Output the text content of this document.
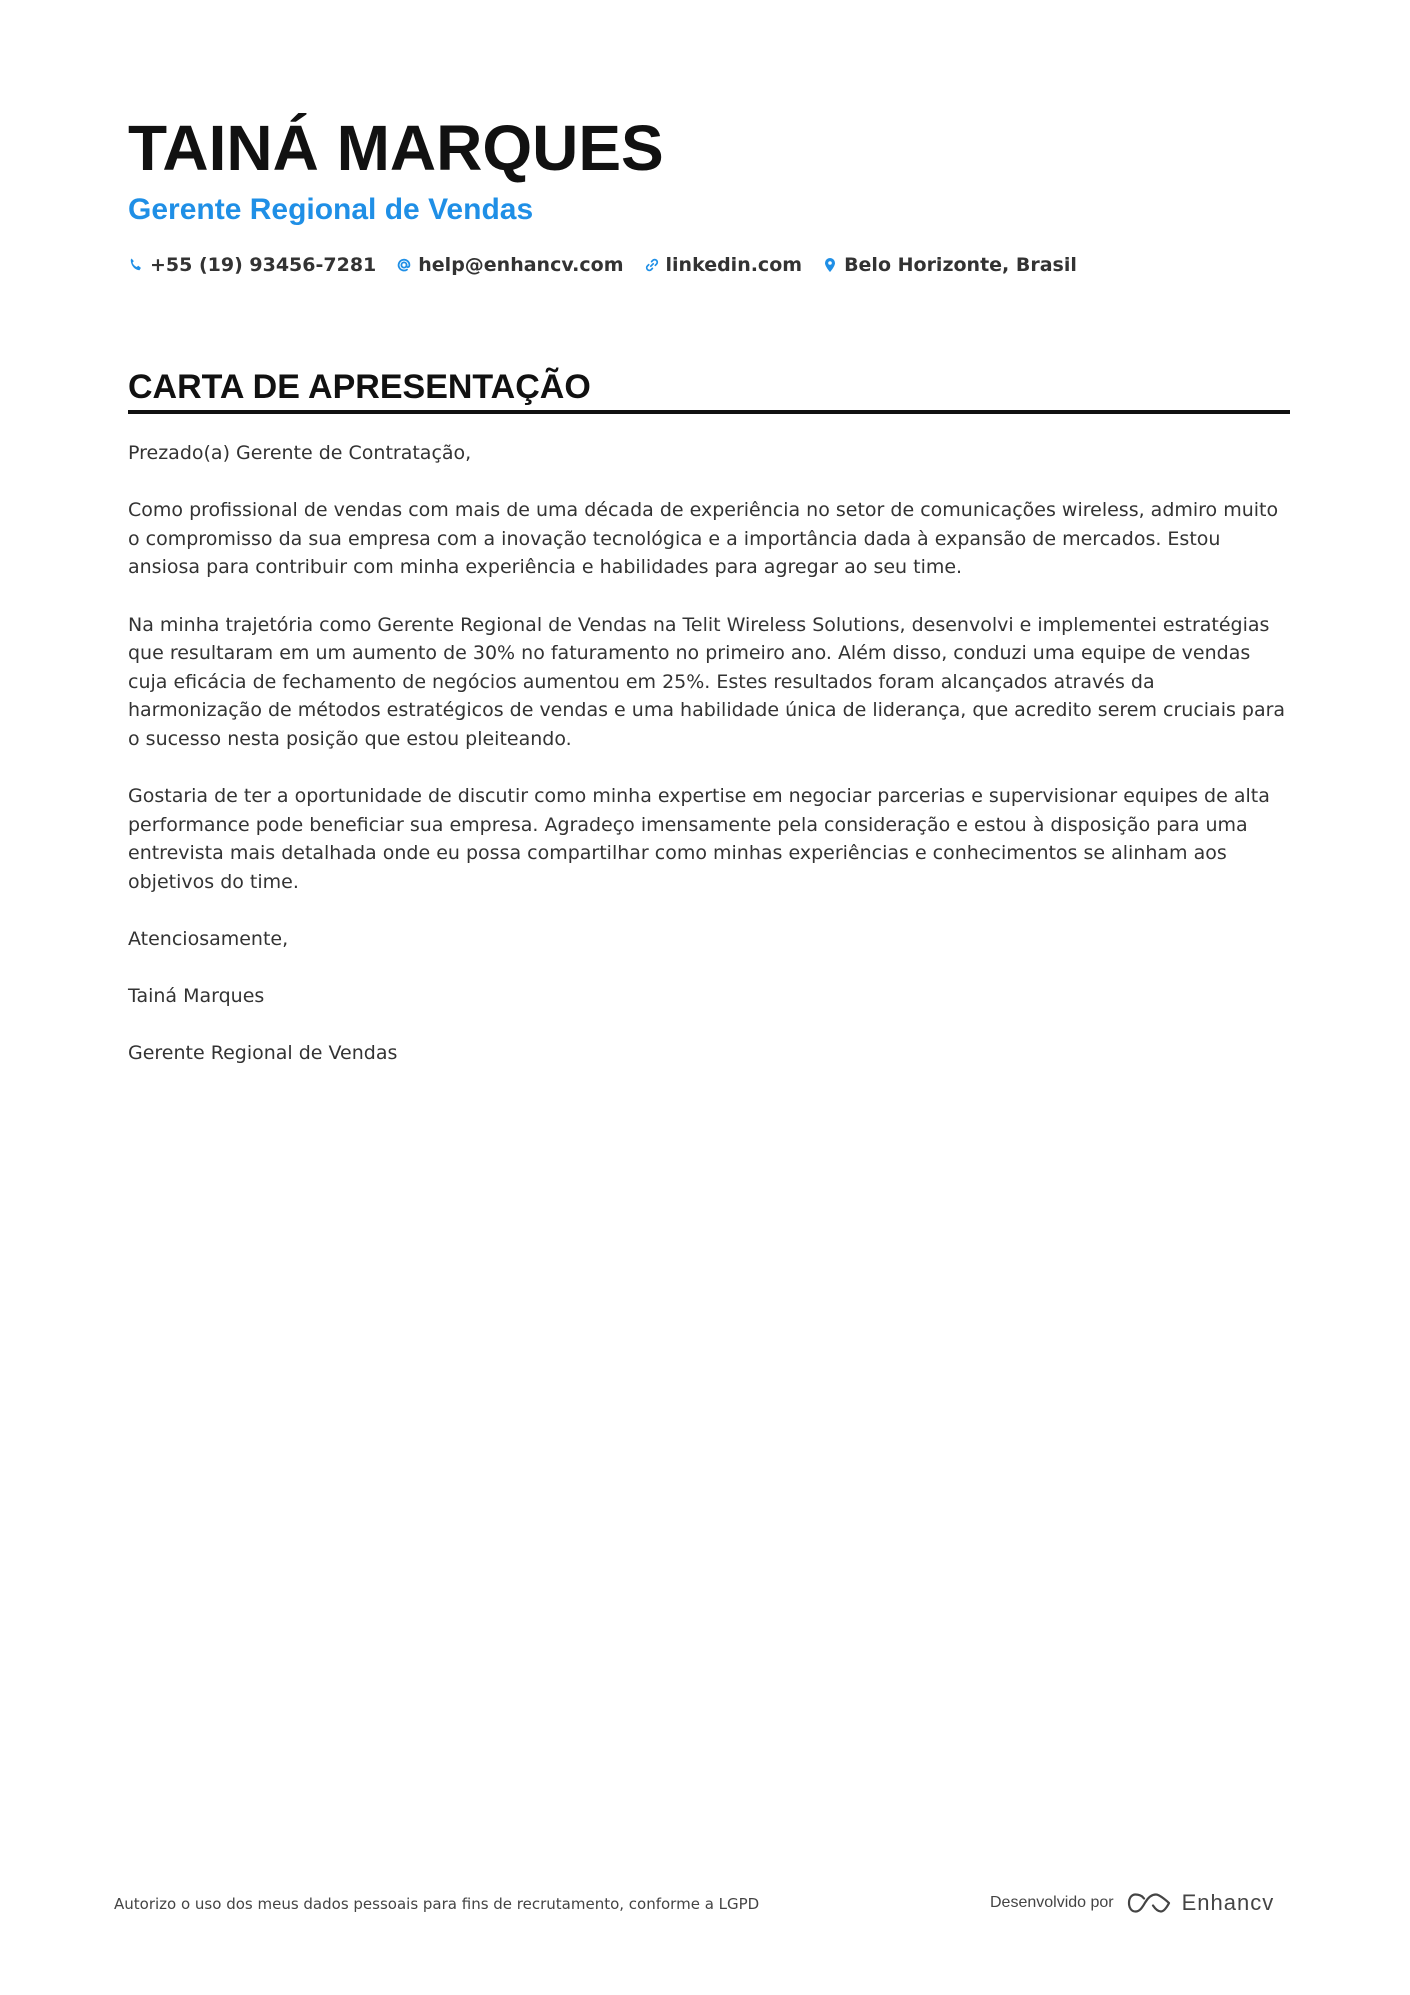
TAINÁ MARQUES
Gerente Regional de Vendas
+55 (19) 93456-7281 help@enhancv.com linkedin.com Belo Horizonte, Brasil
CARTA DE APRESENTAÇÃO

Prezado(a) Gerente de Contratação,

Como profissional de vendas com mais de uma década de experiência no setor de comunicações wireless, admiro muito o compromisso da sua empresa com a inovação tecnológica e a importância dada à expansão de mercados. Estou ansiosa para contribuir com minha experiência e habilidades para agregar ao seu time.

Na minha trajetória como Gerente Regional de Vendas na Telit Wireless Solutions, desenvolvi e implementei estratégias que resultaram em um aumento de 30% no faturamento no primeiro ano. Além disso, conduzi uma equipe de vendas cuja eficácia de fechamento de negócios aumentou em 25%. Estes resultados foram alcançados através da harmonização de métodos estratégicos de vendas e uma habilidade única de liderança, que acredito serem cruciais para o sucesso nesta posição que estou pleiteando.

Gostaria de ter a oportunidade de discutir como minha expertise em negociar parcerias e supervisionar equipes de alta performance pode beneficiar sua empresa. Agradeço imensamente pela consideração e estou à disposição para uma entrevista mais detalhada onde eu possa compartilhar como minhas experiências e conhecimentos se alinham aos objetivos do time.

Atenciosamente,

Tainá Marques

Gerente Regional de Vendas

Autorizo o uso dos meus dados pessoais para fins de recrutamento, conforme a LGPD	Desenvolvido por	Enhancv
